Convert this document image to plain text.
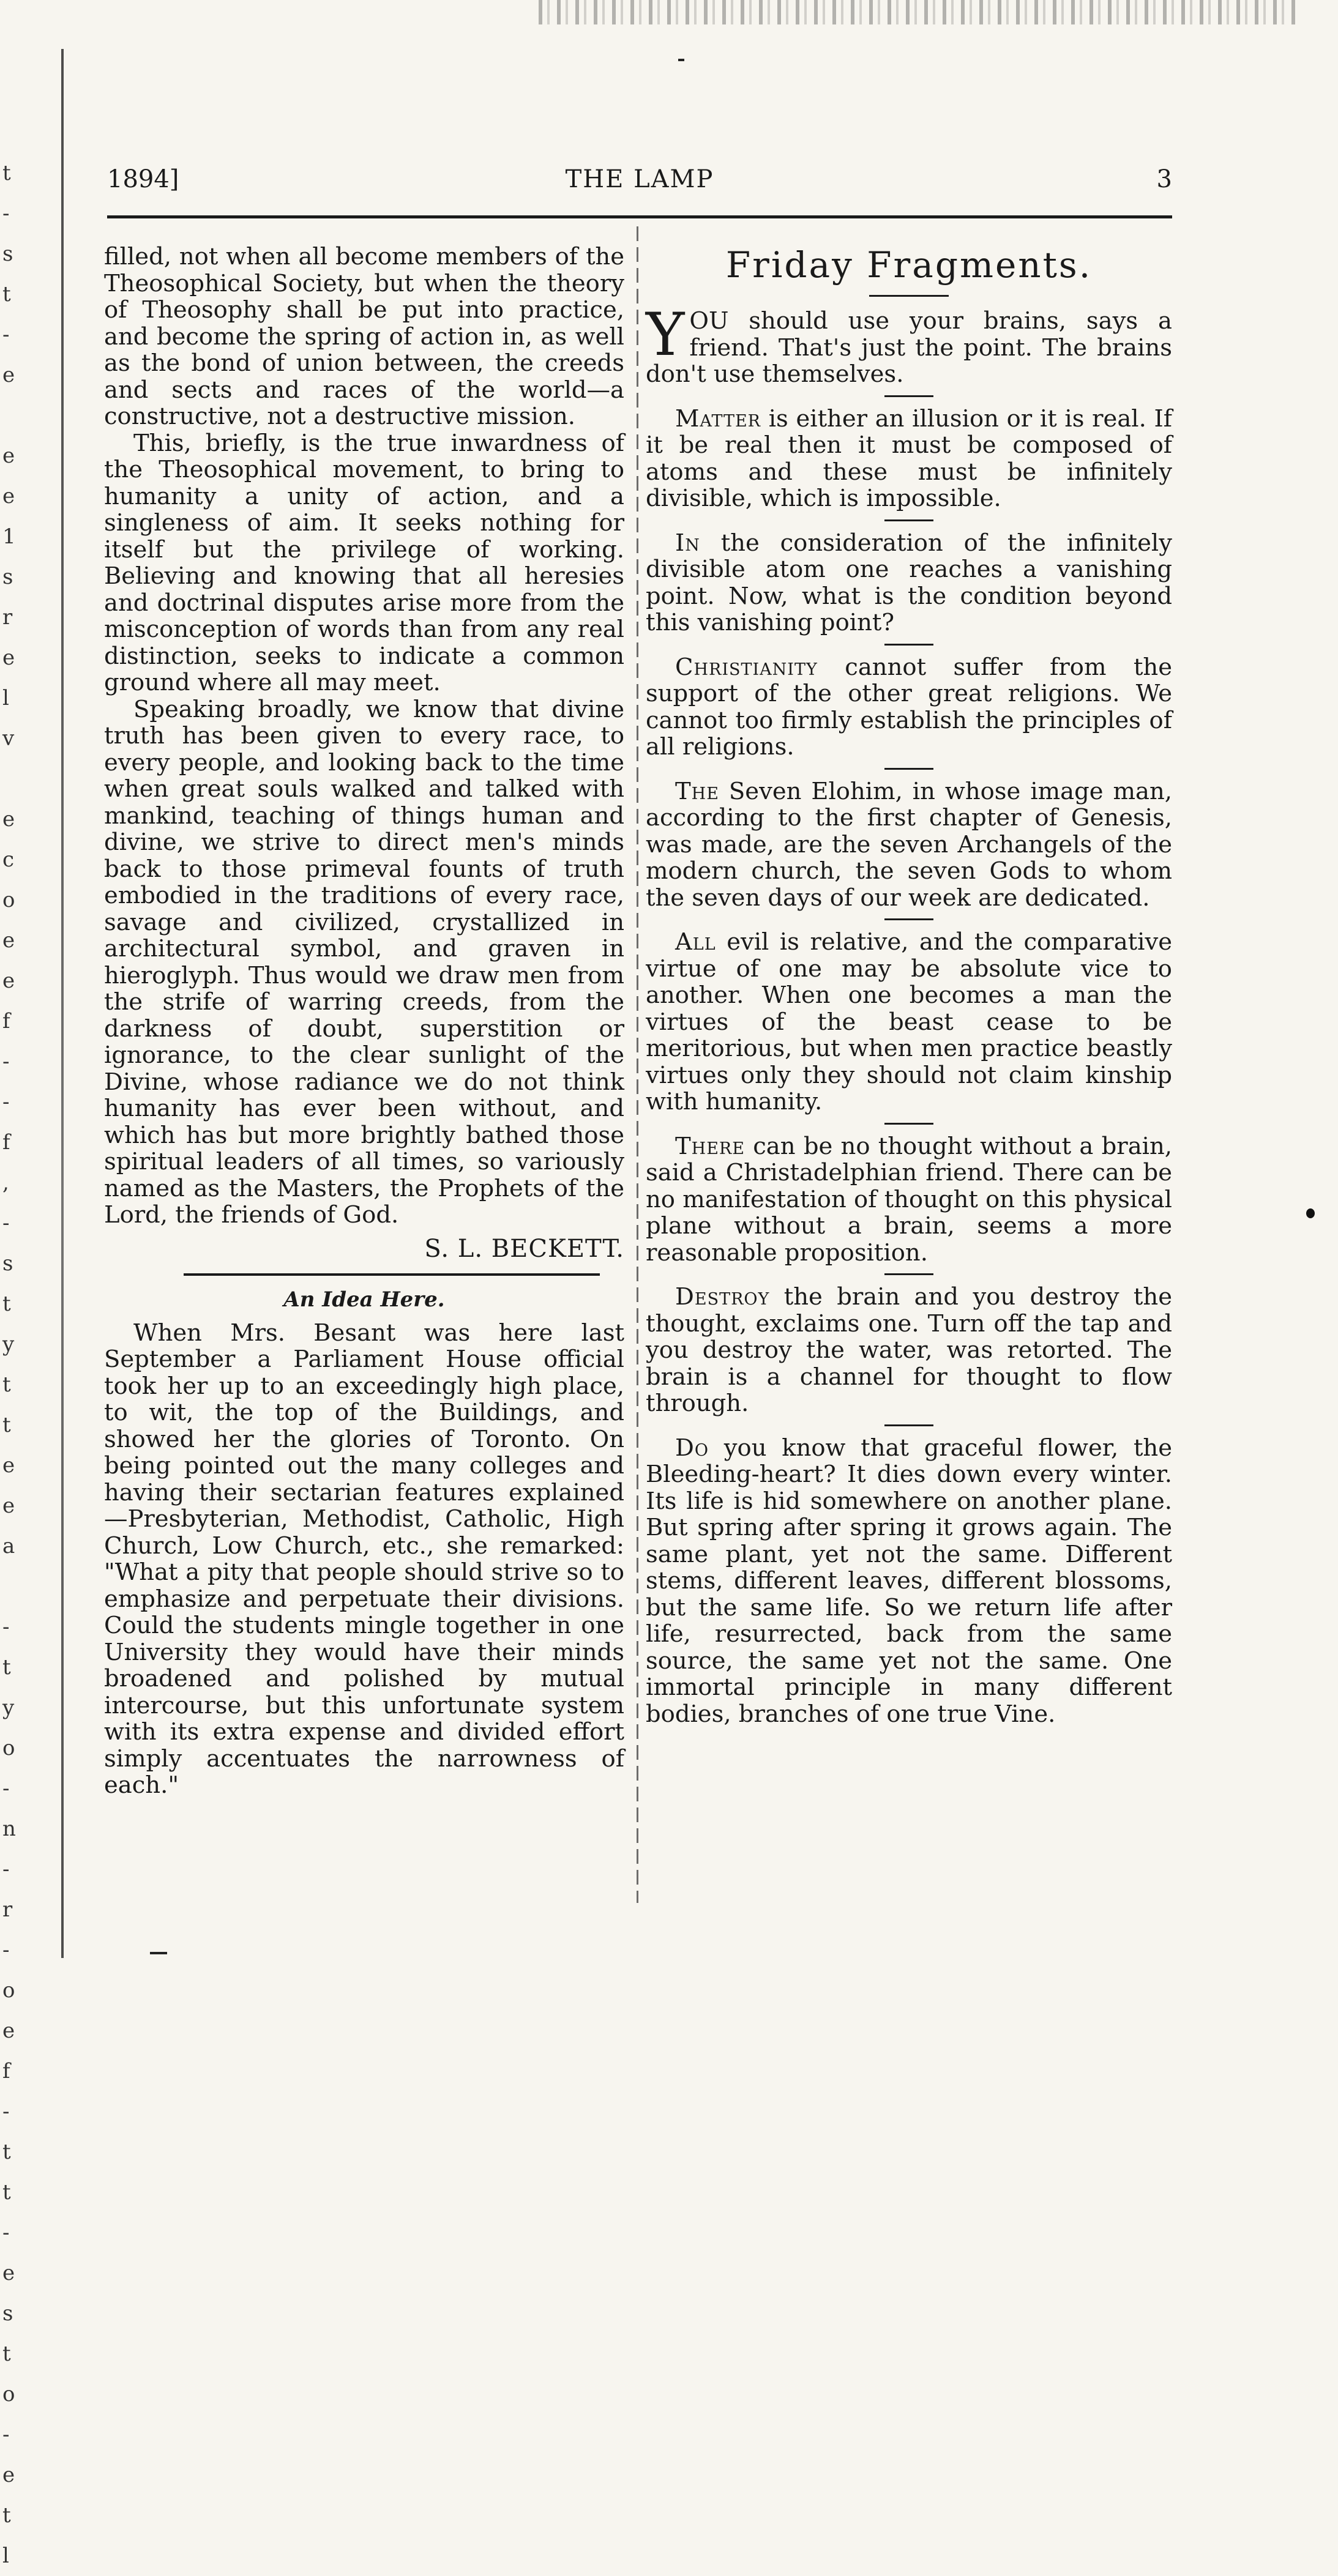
t
-
s
t
-
e
e
e
1
s
r
e
l
v
e
c
o
e
e
f
-
-
f
,
-
s
t
y
t
t
e
e
a
-
t
y
o
-
n
-
r
-
o
e
f
-
t
t
-
e
s
t
o
-
e
t
l
1894]	THE LAMP	3

filled, not when all become members of the Theosophical Society, but when the theory of Theosophy shall be put into practice, and become the spring of action in, as well as the bond of union between, the creeds and sects and races of the world—a constructive, not a destructive mission.

This, briefly, is the true inwardness of the Theosophical movement, to bring to humanity a unity of action, and a singleness of aim. It seeks nothing for itself but the privilege of working. Believing and knowing that all heresies and doctrinal disputes arise more from the misconception of words than from any real distinction, seeks to indicate a common ground where all may meet.

Speaking broadly, we know that divine truth has been given to every race, to every people, and looking back to the time when great souls walked and talked with mankind, teaching of things human and divine, we strive to direct men's minds back to those primeval founts of truth embodied in the traditions of every race, savage and civilized, crystallized in architectural symbol, and graven in hieroglyph. Thus would we draw men from the strife of warring creeds, from the darkness of doubt, superstition or ignorance, to the clear sunlight of the Divine, whose radiance we do not think humanity has ever been without, and which has but more brightly bathed those spiritual leaders of all times, so variously named as the Masters, the Prophets of the Lord, the friends of God.

S. L. BECKETT.

An Idea Here.

When Mrs. Besant was here last September a Parliament House official took her up to an exceedingly high place, to wit, the top of the Buildings, and showed her the glories of Toronto. On being pointed out the many colleges and having their sectarian features explained —Presbyterian, Methodist, Catholic, High Church, Low Church, etc., she remarked: "What a pity that people should strive so to emphasize and perpetuate their divisions. Could the students mingle together in one University they would have their minds broadened and polished by mutual intercourse, but this unfortunate system with its extra expense and divided effort simply accentuates the narrowness of each."

Friday Fragments.

YOU should use your brains, says a friend. That's just the point. The brains don't use themselves.

Matter is either an illusion or it is real. If it be real then it must be composed of atoms and these must be infinitely divisible, which is impossible.

In the consideration of the infinitely divisible atom one reaches a vanishing point. Now, what is the condition beyond this vanishing point?

Christianity cannot suffer from the support of the other great religions. We cannot too firmly establish the principles of all religions.

The Seven Elohim, in whose image man, according to the first chapter of Genesis, was made, are the seven Archangels of the modern church, the seven Gods to whom the seven days of our week are dedicated.

All evil is relative, and the comparative virtue of one may be absolute vice to another. When one becomes a man the virtues of the beast cease to be meritorious, but when men practice beastly virtues only they should not claim kinship with humanity.

There can be no thought without a brain, said a Christadelphian friend. There can be no manifestation of thought on this physical plane without a brain, seems a more reasonable proposition.

Destroy the brain and you destroy the thought, exclaims one. Turn off the tap and you destroy the water, was retorted. The brain is a channel for thought to flow through.

Do you know that graceful flower, the Bleeding-heart? It dies down every winter. Its life is hid somewhere on another plane. But spring after spring it grows again. The same plant, yet not the same. Different stems, different leaves, different blossoms, but the same life. So we return life after life, resurrected, back from the same source, the same yet not the same. One immortal principle in many different bodies, branches of one true Vine.
